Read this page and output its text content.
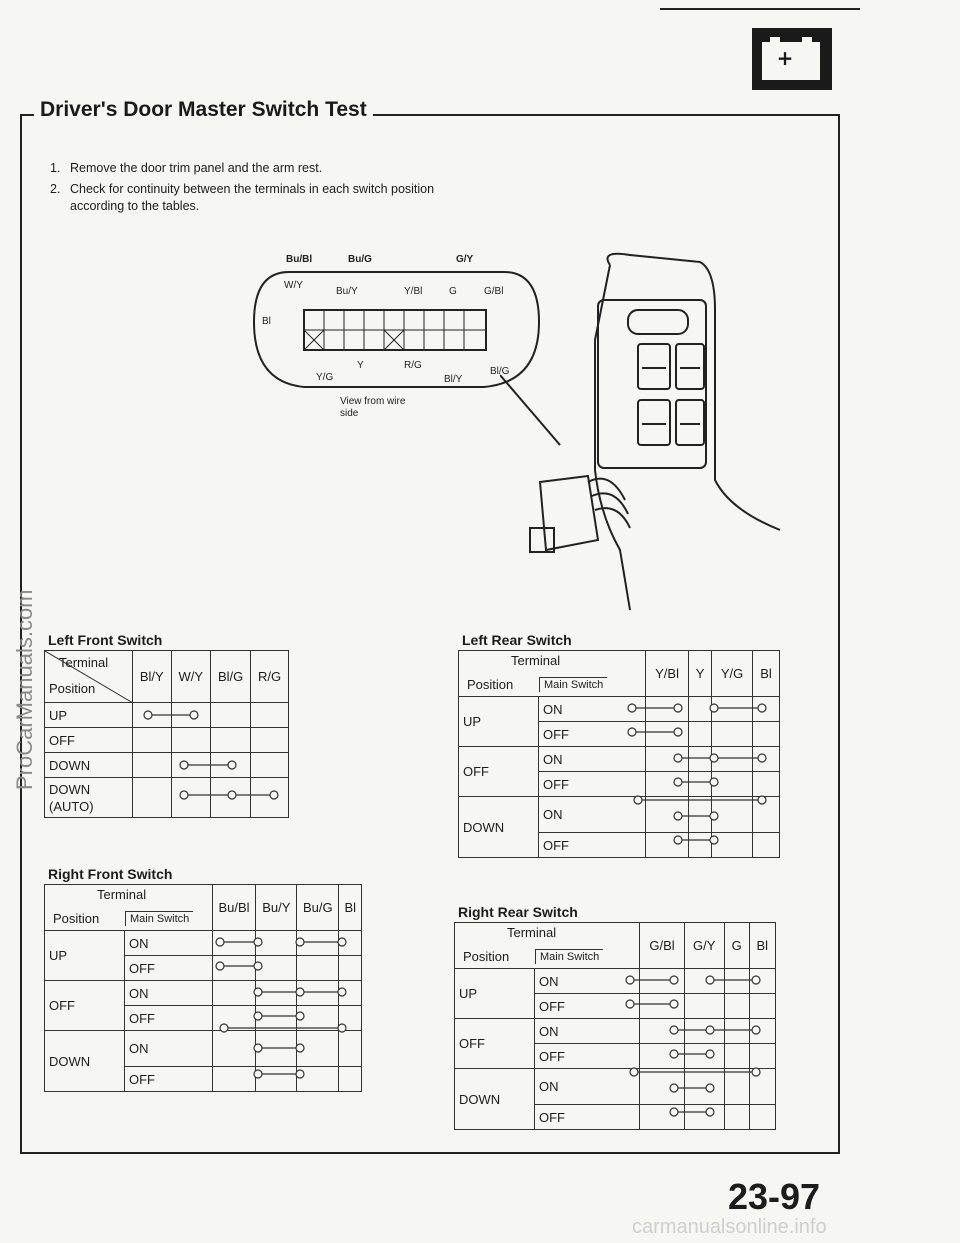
+ −
Driver's Door Master Switch Test
1. Remove the door trim panel and the arm rest.
2. Check for continuity between the terminals in each switch position according to the tables.
ProCarManuals.com
Bu/Bl	Bu/G	G/Y
W/Y
Bu/Y	Y/Bl	G	G/Bl
Bl
Y
Y/G
R/G
Bl/Y
Bl/G
View from wire
side
Left Front Switch
Terminal
Position	Bl/Y	W/Y	Bl/G	R/G
UP				
OFF				
DOWN				
DOWN (AUTO)				
Left Rear Switch
Terminal
Position Main Switch		Y/Bl	Y	Y/G	Bl
UP	ON				
	OFF				
OFF	ON				
	OFF				
DOWN	ON				
	OFF				
Right Front Switch
Terminal
Position Main Switch		Bu/Bl	Bu/Y	Bu/G	Bl
UP	ON				
	OFF				
OFF	ON				
	OFF				
DOWN	ON				
	OFF				
Right Rear Switch
Terminal
Position Main Switch		G/Bl	G/Y	G	Bl
UP	ON				
	OFF				
OFF	ON				
	OFF				
DOWN	ON				
	OFF				
23-97
carmanualsonline.info
